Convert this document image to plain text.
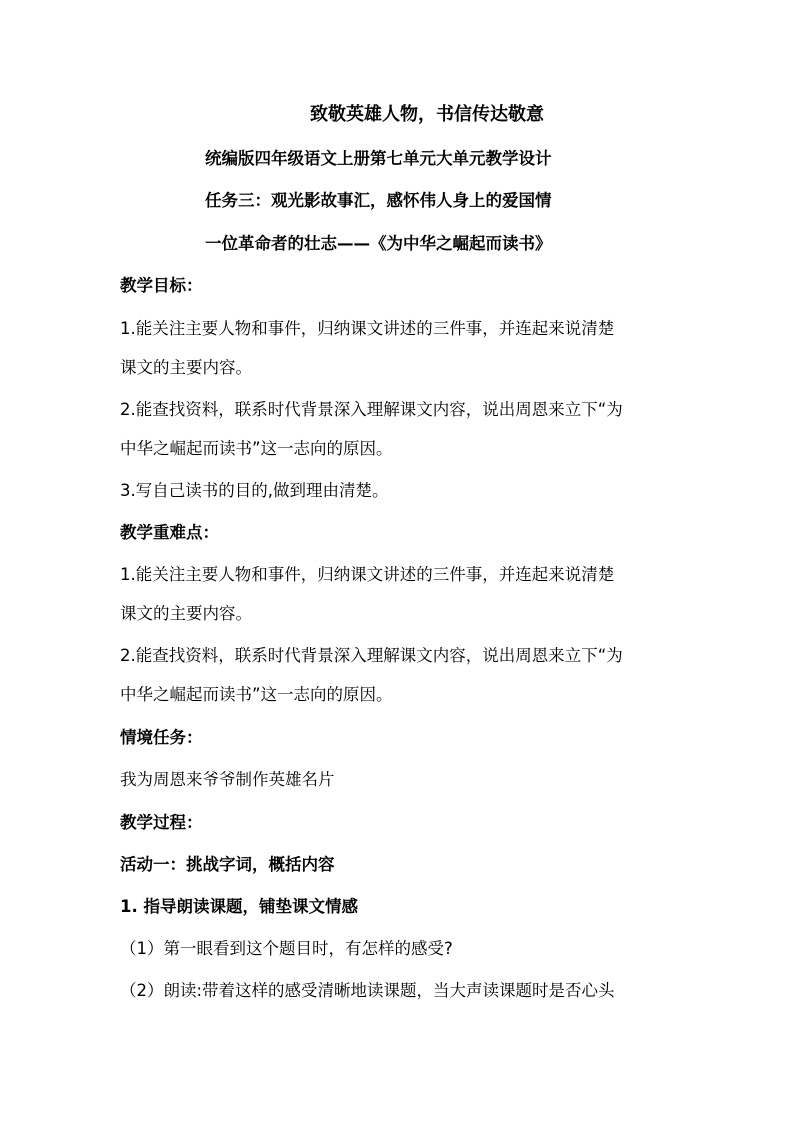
致敬英雄人物，书信传达敬意
统编版四年级语文上册第七单元大单元教学设计
任务三：观光影故事汇，感怀伟人身上的爱国情
一位革命者的壮志——《为中华之崛起而读书》
教学目标：
1.能关注主要人物和事件，归纳课文讲述的三件事，并连起来说清楚
课文的主要内容。
2.能查找资料，联系时代背景深入理解课文内容，说出周恩来立下“为
中华之崛起而读书”这一志向的原因。
3.写自己读书的目的,做到理由清楚。
教学重难点：
1.能关注主要人物和事件，归纳课文讲述的三件事，并连起来说清楚
课文的主要内容。
2.能查找资料，联系时代背景深入理解课文内容，说出周恩来立下“为
中华之崛起而读书”这一志向的原因。
情境任务：
我为周恩来爷爷制作英雄名片
教学过程：
活动一：挑战字词，概括内容
1. 指导朗读课题，铺垫课文情感
（1）第一眼看到这个题目时，有怎样的感受?
（2）朗读:带着这样的感受清晰地读课题，当大声读课题时是否心头
